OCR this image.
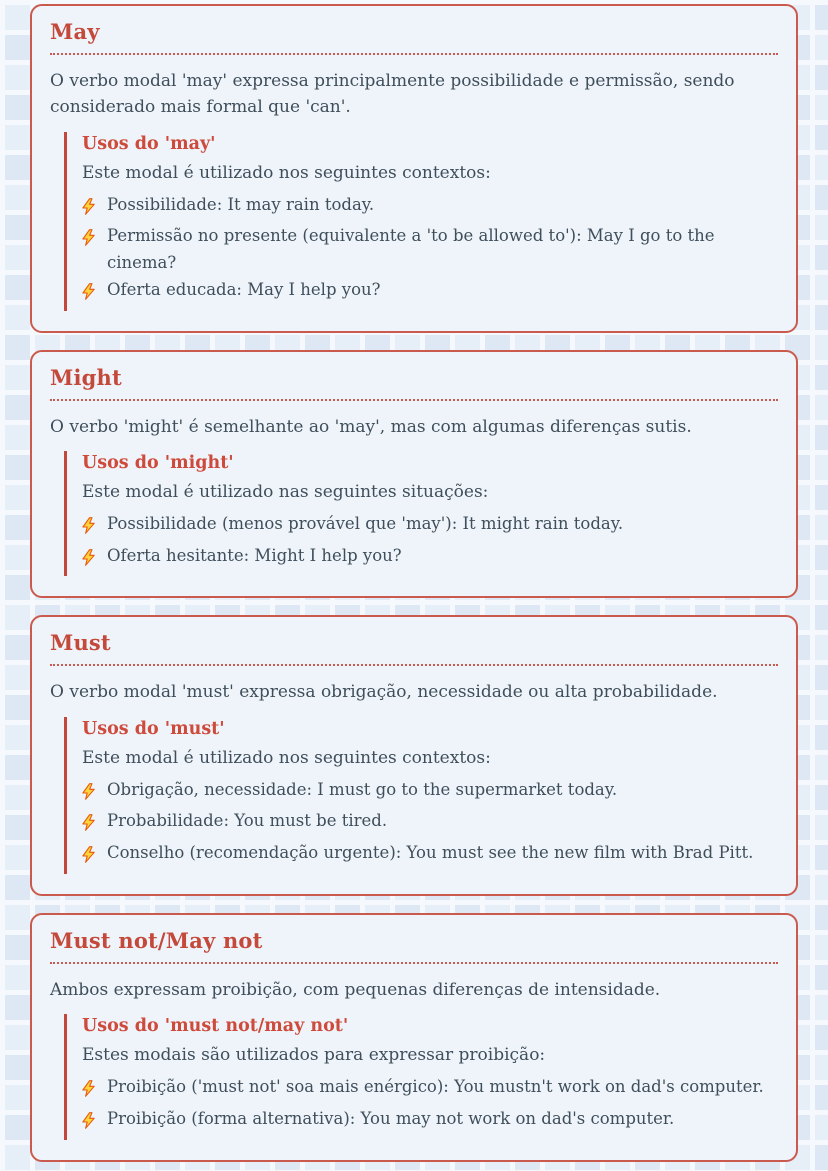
May

O verbo modal 'may' expressa principalmente possibilidade e permissão, sendo considerado mais formal que 'can'.

Usos do 'may'

Este modal é utilizado nos seguintes contextos:

Possibilidade: It may rain today.
Permissão no presente (equivalente a 'to be allowed to'): May I go to the cinema?
Oferta educada: May I help you?
Might

O verbo 'might' é semelhante ao 'may', mas com algumas diferenças sutis.

Usos do 'might'

Este modal é utilizado nas seguintes situações:

Possibilidade (menos provável que 'may'): It might rain today.
Oferta hesitante: Might I help you?
Must

O verbo modal 'must' expressa obrigação, necessidade ou alta probabilidade.

Usos do 'must'

Este modal é utilizado nos seguintes contextos:

Obrigação, necessidade: I must go to the supermarket today.
Probabilidade: You must be tired.
Conselho (recomendação urgente): You must see the new film with Brad Pitt.
Must not/May not

Ambos expressam proibição, com pequenas diferenças de intensidade.

Usos do 'must not/may not'

Estes modais são utilizados para expressar proibição:

Proibição ('must not' soa mais enérgico): You mustn't work on dad's computer.
Proibição (forma alternativa): You may not work on dad's computer.
